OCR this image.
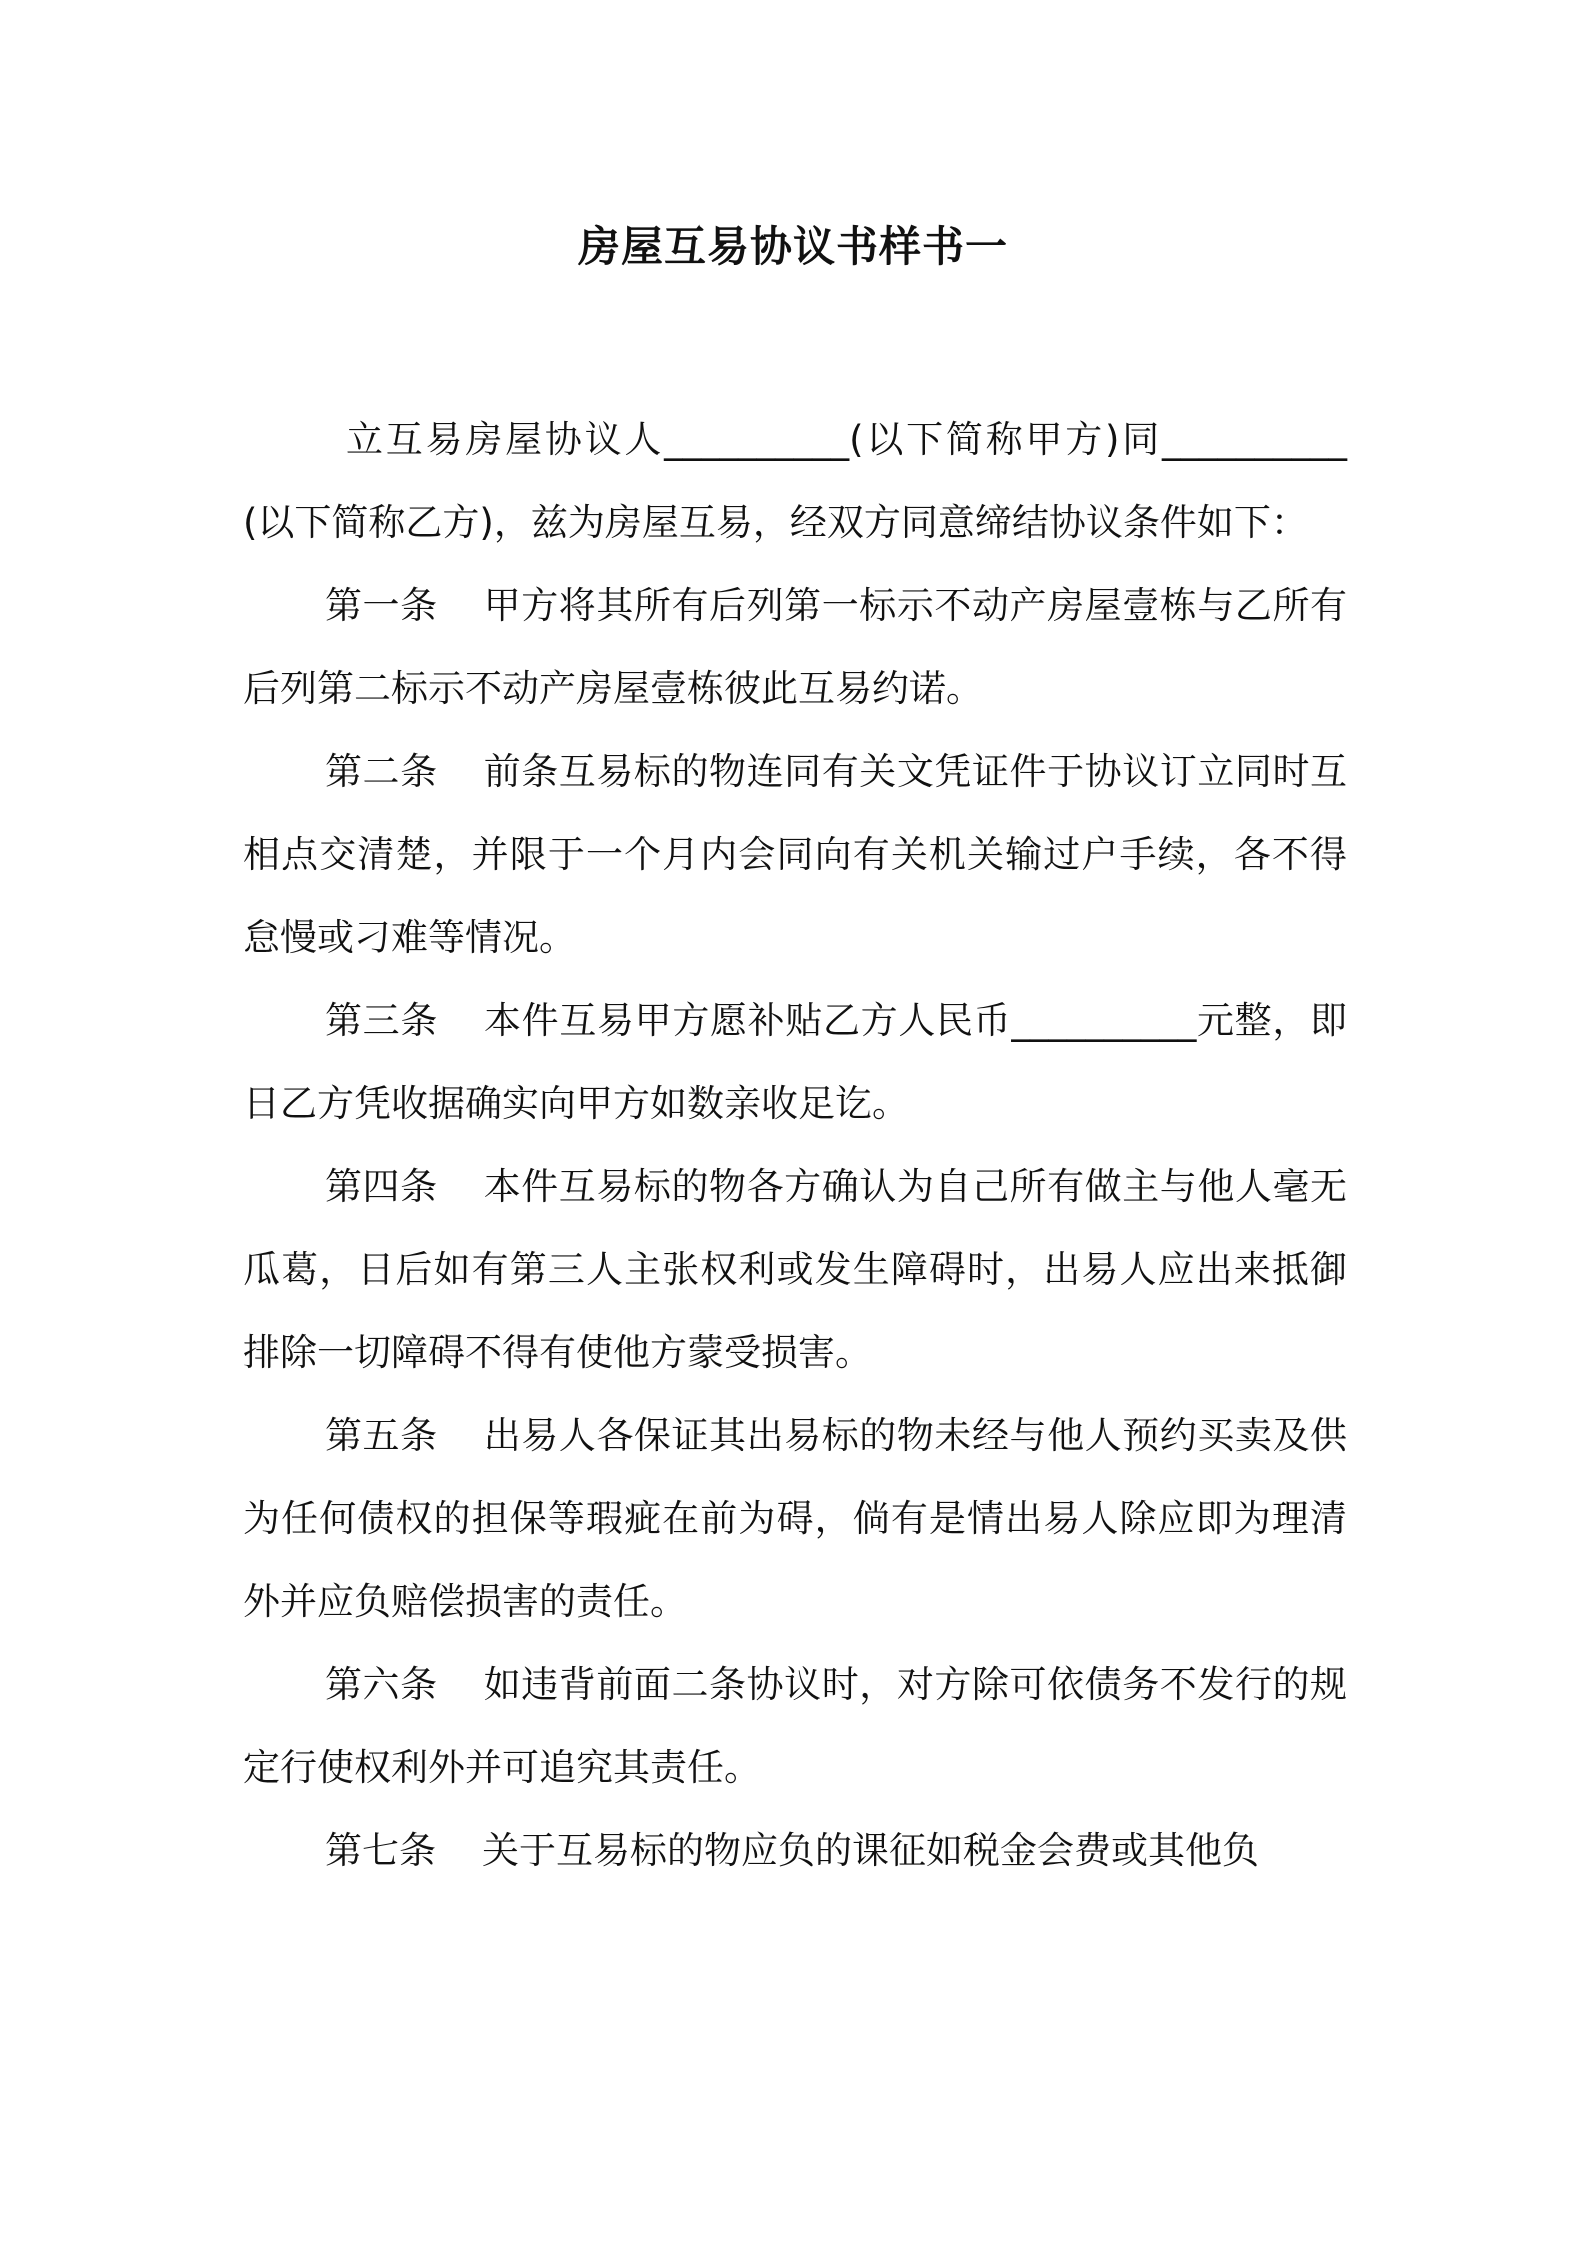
房屋互易协议书样书一

立互易房屋协议人__________(以下简称甲方)同__________(以下简称乙方)，兹为房屋互易，经双方同意缔结协议条件如下：

第一条 甲方将其所有后列第一标示不动产房屋壹栋与乙所有后列第二标示不动产房屋壹栋彼此互易约诺。

第二条 前条互易标的物连同有关文凭证件于协议订立同时互相点交清楚，并限于一个月内会同向有关机关输过户手续，各不得怠慢或刁难等情况。

第三条 本件互易甲方愿补贴乙方人民币__________元整，即日乙方凭收据确实向甲方如数亲收足讫。

第四条 本件互易标的物各方确认为自己所有做主与他人毫无瓜葛，日后如有第三人主张权利或发生障碍时，出易人应出来抵御排除一切障碍不得有使他方蒙受损害。

第五条 出易人各保证其出易标的物未经与他人预约买卖及供为任何债权的担保等瑕疵在前为碍，倘有是情出易人除应即为理清外并应负赔偿损害的责任。

第六条 如违背前面二条协议时，对方除可依债务不发行的规定行使权利外并可追究其责任。

第七条 关于互易标的物应负的课征如税金会费或其他负
